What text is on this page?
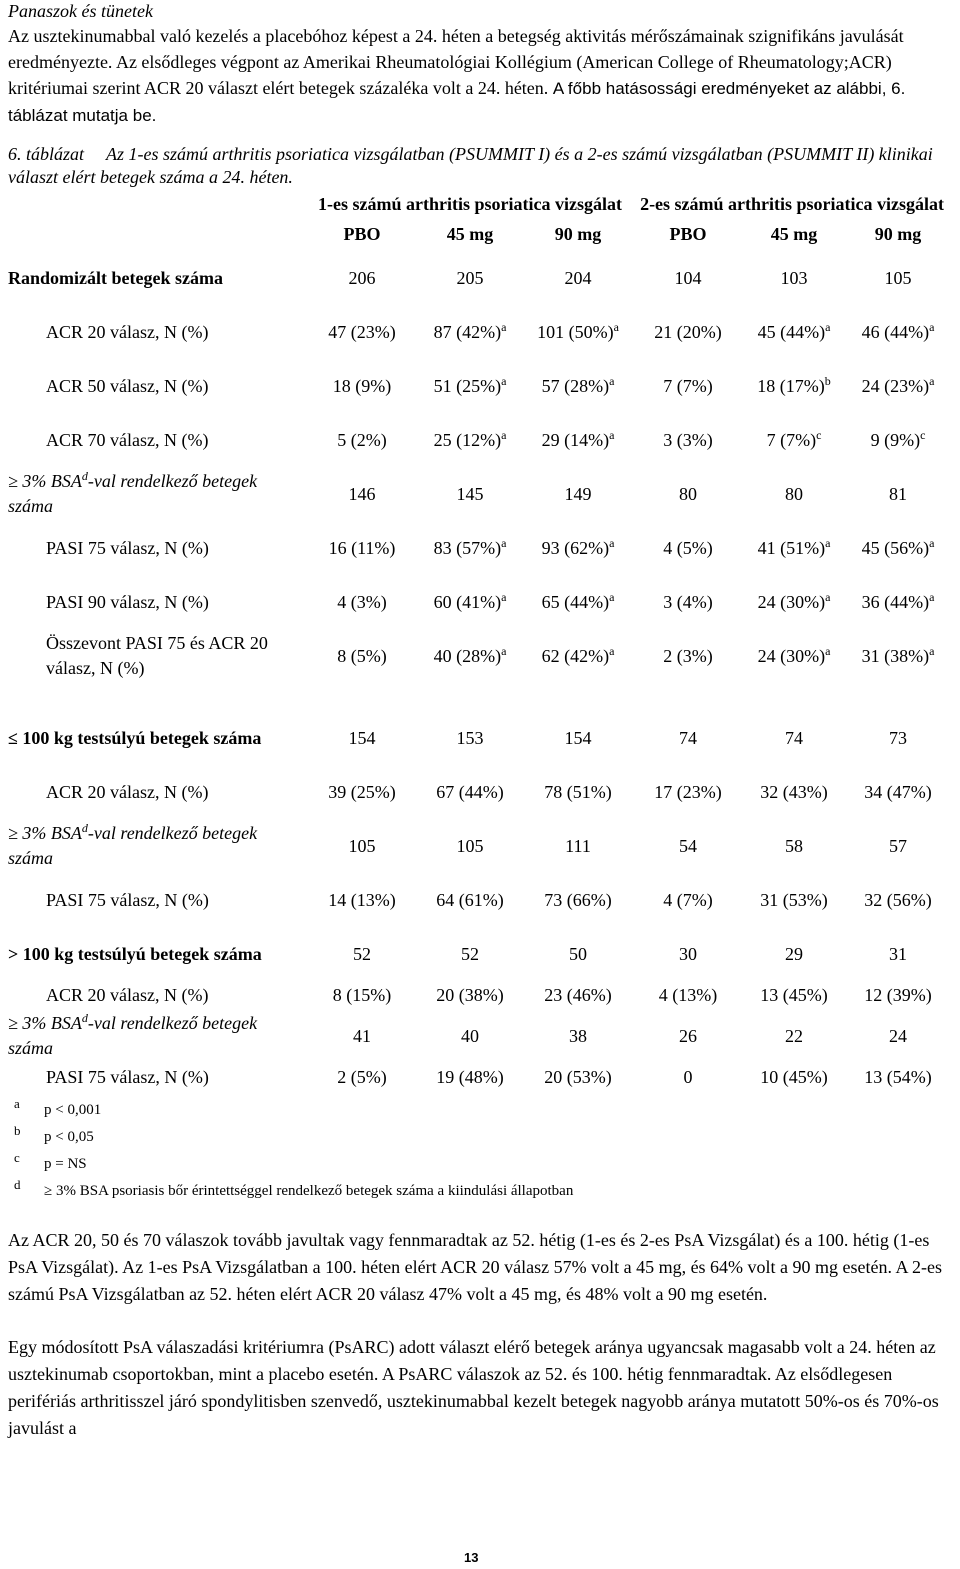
Panaszok és tünetek

Az usztekinumabbal való kezelés a placebóhoz képest a 24. héten a betegség aktivitás mérőszámainak szignifikáns javulását eredményezte. Az elsődleges végpont az Amerikai Rheumatológiai Kollégium (American College of Rheumatology;ACR) kritériumai szerint ACR 20 választ elért betegek százaléka volt a 24. héten. A főbb hatásossági eredményeket az alábbi, 6. táblázat mutatja be.

6. táblázat Az 1-es számú arthritis psoriatica vizsgálatban (PSUMMIT I) és a 2-es számú vizsgálatban (PSUMMIT II) klinikai választ elért betegek száma a 24. héten.

	1-es számú arthritis psoriatica vizsgálat			2-es számú arthritis psoriatica vizsgálat		
	PBO	45 mg	90 mg	PBO	45 mg	90 mg
Randomizált betegek száma	206	205	204	104	103	105
ACR 20 válasz, N (%)	47 (23%)	87 $(42\%)^a$	101 $(50\%)^a$	21 (20%)	45 $(44\%)^a$	46 $(44\%)^a$
ACR 50 válasz, N (%)	18 (9%)	51 $(25\%)^a$	57 $(28\%)^a$	7 (7%)	18 $(17\%)^b$	24 $(23\%)^a$
ACR 70 válasz, N (%)	5 (2%)	25 $(12\%)^a$	29 $(14\%)^a$	3 (3%)	7 $(7\%)^c$	9 $(9\%)^c$
≥ 3% BSA$^d$-val rendelkező betegek száma	146	145	149	80	80	81
PASI 75 válasz, N (%)	16 (11%)	83 $(57\%)^a$	93 $(62\%)^a$	4 (5%)	41 $(51\%)^a$	45 $(56\%)^a$
PASI 90 válasz, N (%)	4 (3%)	60 $(41\%)^a$	65 $(44\%)^a$	3 (4%)	24 $(30\%)^a$	36 $(44\%)^a$
Összevont PASI 75 és ACR 20 válasz, N (%)	8 (5%)	40 $(28\%)^a$	62 $(42\%)^a$	2 (3%)	24 $(30\%)^a$	31 $(38\%)^a$

≤ 100 kg testsúlyú betegek száma	154	153	154	74	74	73
ACR 20 válasz, N (%)	39 (25%)	67 (44%)	78 (51%)	17 (23%)	32 (43%)	34 (47%)
≥ 3% BSA$^d$-val rendelkező betegek száma	105	105	111	54	58	57
PASI 75 válasz, N (%)	14 (13%)	64 (61%)	73 (66%)	4 (7%)	31 (53%)	32 (56%)
> 100 kg testsúlyú betegek száma	52	52	50	30	29	31
ACR 20 válasz, N (%)	8 (15%)	20 (38%)	23 (46%)	4 (13%)	13 (45%)	12 (39%)
≥ 3% BSA$^d$-val rendelkező betegek száma	41	40	38	26	22	24
PASI 75 válasz, N (%)	2 (5%)	19 (48%)	20 (53%)	0	10 (45%)	13 (54%)
a p < 0,001
b p < 0,05
c p = NS
d ≥ 3% BSA psoriasis bőr érintettséggel rendelkező betegek száma a kiindulási állapotban

Az ACR 20, 50 és 70 válaszok tovább javultak vagy fennmaradtak az 52. hétig (1-es és 2-es PsA Vizsgálat) és a 100. hétig (1-es PsA Vizsgálat). Az 1-es PsA Vizsgálatban a 100. héten elért ACR 20 válasz 57% volt a 45 mg, és 64% volt a 90 mg esetén. A 2-es számú PsA Vizsgálatban az 52. héten elért ACR 20 válasz 47% volt a 45 mg, és 48% volt a 90 mg esetén.

Egy módosított PsA válaszadási kritériumra (PsARC) adott választ elérő betegek aránya ugyancsak magasabb volt a 24. héten az usztekinumab csoportokban, mint a placebo esetén. A PsARC válaszok az 52. és 100. hétig fennmaradtak. Az elsődlegesen perifériás arthritisszel járó spondylitisben szenvedő, usztekinumabbal kezelt betegek nagyobb aránya mutatott 50%-os és 70%-os javulást a

13
